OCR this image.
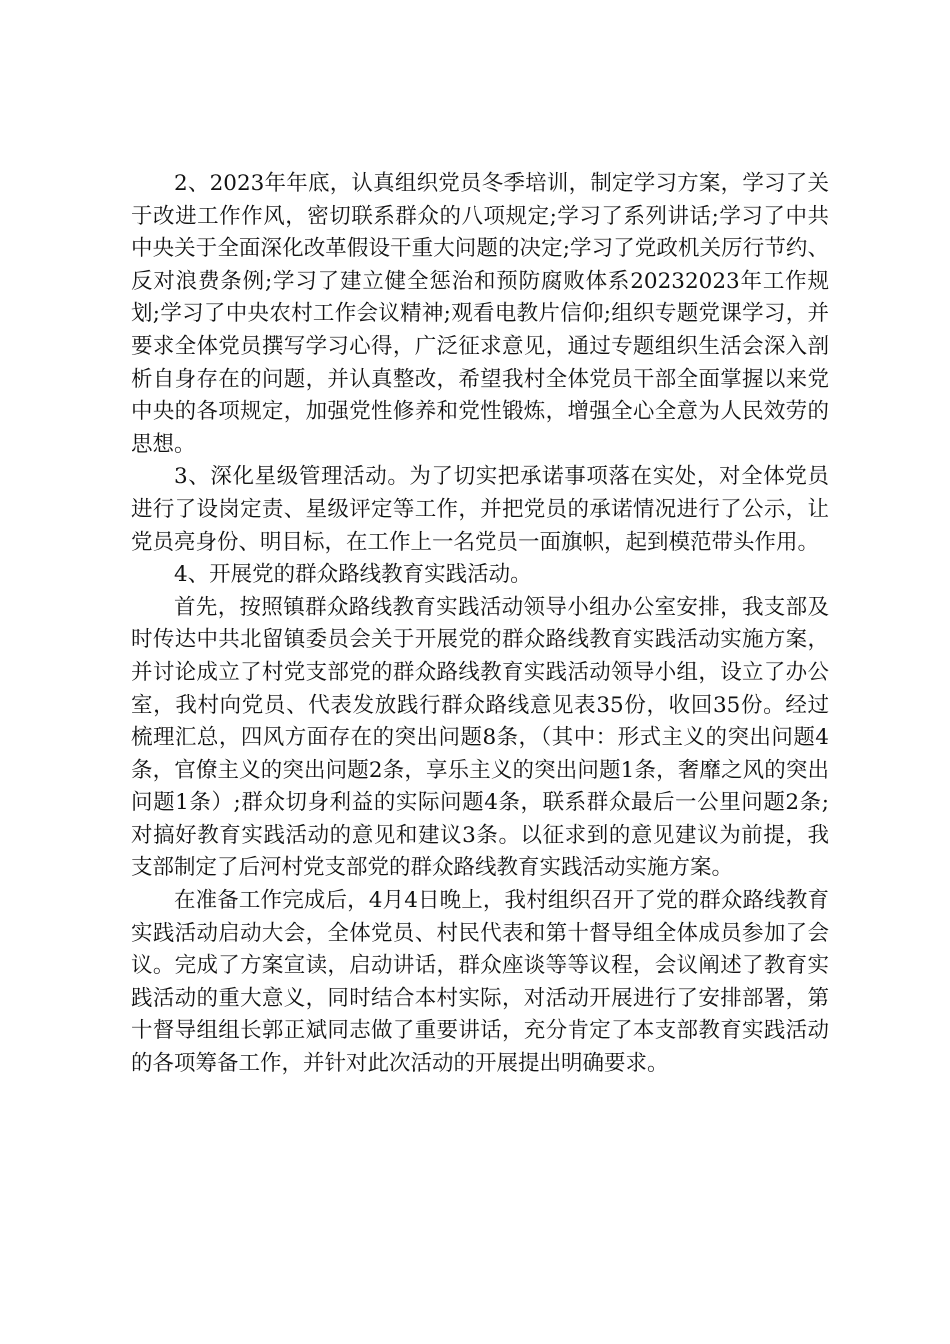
2、2023年年底，认真组织党员冬季培训，制定学习方案，学习了关于改进工作作风，密切联系群众的八项规定;学习了系列讲话;学习了中共中央关于全面深化改革假设干重大问题的决定;学习了党政机关厉行节约、反对浪费条例;学习了建立健全惩治和预防腐败体系20232023年工作规划;学习了中央农村工作会议精神;观看电教片信仰;组织专题党课学习，并要求全体党员撰写学习心得，广泛征求意见，通过专题组织生活会深入剖析自身存在的问题，并认真整改，希望我村全体党员干部全面掌握以来党中央的各项规定，加强党性修养和党性锻炼，增强全心全意为人民效劳的思想。

3、深化星级管理活动。为了切实把承诺事项落在实处，对全体党员进行了设岗定责、星级评定等工作，并把党员的承诺情况进行了公示，让党员亮身份、明目标，在工作上一名党员一面旗帜，起到模范带头作用。

4、开展党的群众路线教育实践活动。

首先，按照镇群众路线教育实践活动领导小组办公室安排，我支部及时传达中共北留镇委员会关于开展党的群众路线教育实践活动实施方案，并讨论成立了村党支部党的群众路线教育实践活动领导小组，设立了办公室，我村向党员、代表发放践行群众路线意见表35份，收回35份。经过梳理汇总，四风方面存在的突出问题8条，（其中：形式主义的突出问题4条，官僚主义的突出问题2条，享乐主义的突出问题1条，奢靡之风的突出问题1条）;群众切身利益的实际问题4条，联系群众最后一公里问题2条;对搞好教育实践活动的意见和建议3条。以征求到的意见建议为前提，我支部制定了后河村党支部党的群众路线教育实践活动实施方案。

在准备工作完成后，4月4日晚上，我村组织召开了党的群众路线教育实践活动启动大会，全体党员、村民代表和第十督导组全体成员参加了会议。完成了方案宣读，启动讲话，群众座谈等等议程，会议阐述了教育实践活动的重大意义，同时结合本村实际，对活动开展进行了安排部署，第十督导组组长郭正斌同志做了重要讲话，充分肯定了本支部教育实践活动的各项筹备工作，并针对此次活动的开展提出明确要求。
